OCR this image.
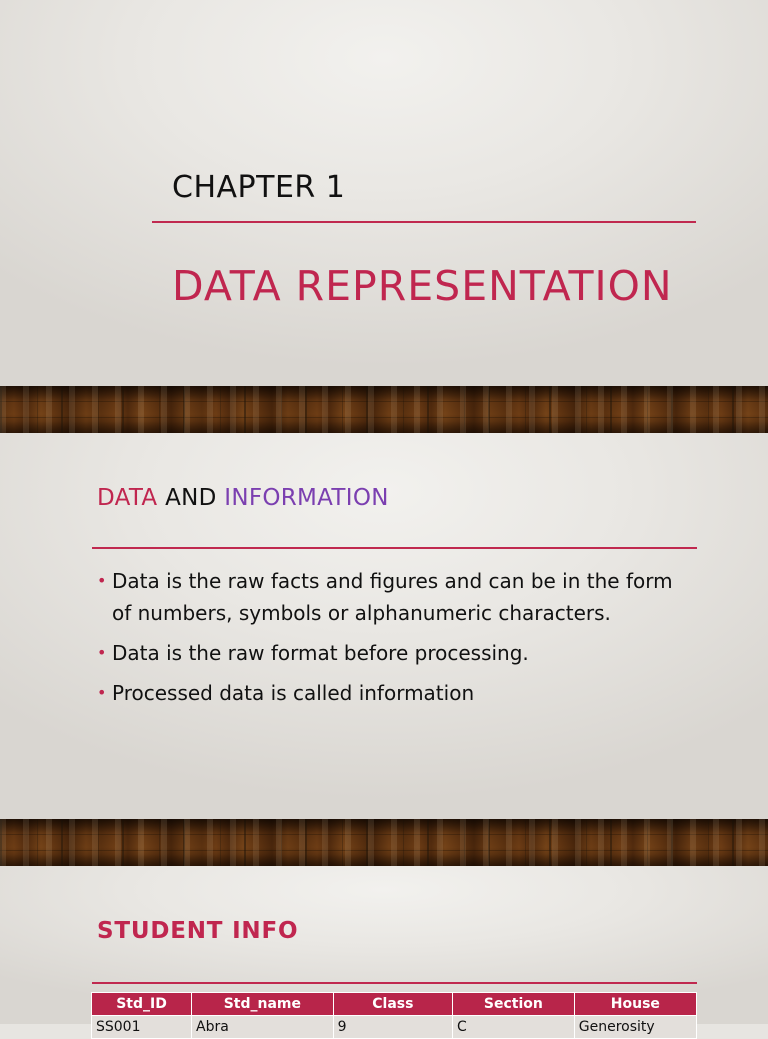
CHAPTER 1
DATA REPRESENTATION
DATA AND INFORMATION
• Data is the raw facts and figures and can be in the form of numbers, symbols or alphanumeric characters.
• Data is the raw format before processing.
• Processed data is called information
STUDENT INFO
Std_ID	Std_name	Class	Section	House
SS001	Abra	9	C	Generosity
